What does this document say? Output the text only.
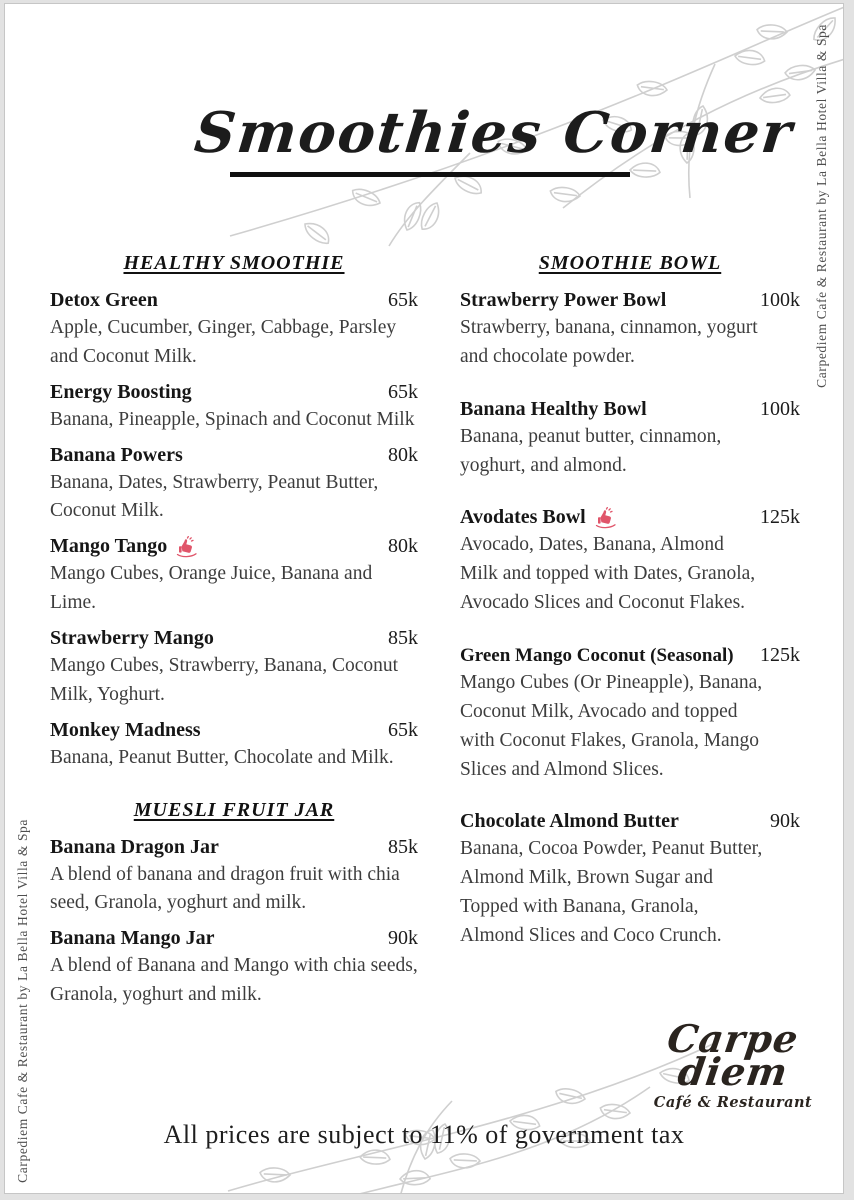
Smoothies Corner
HEALTHY SMOOTHIE
Detox Green	65k
Apple, Cucumber, Ginger, Cabbage, Parsley and Coconut Milk.
Energy Boosting	65k
Banana, Pineapple, Spinach and Coconut Milk
Banana Powers	80k
Banana, Dates, Strawberry, Peanut Butter, Coconut Milk.
Mango Tango	80k
Mango Cubes, Orange Juice, Banana and Lime.
Strawberry Mango	85k
Mango Cubes, Strawberry, Banana, Coconut Milk, Yoghurt.
Monkey Madness	65k
Banana, Peanut Butter, Chocolate and Milk.
MUESLI FRUIT JAR
Banana Dragon Jar	85k
A blend of banana and dragon fruit with chia seed, Granola, yoghurt and milk.
Banana Mango Jar	90k
A blend of Banana and Mango with chia seeds, Granola, yoghurt and milk.
SMOOTHIE BOWL
Strawberry Power Bowl	100k
Strawberry, banana, cinnamon, yogurt and chocolate powder.
Banana Healthy Bowl	100k
Banana, peanut butter, cinnamon, yoghurt, and almond.
Avodates Bowl	125k
Avocado, Dates, Banana, Almond Milk and topped with Dates, Granola, Avocado Slices and Coconut Flakes.
Green Mango Coconut (Seasonal) 125k
Mango Cubes (Or Pineapple), Banana, Coconut Milk, Avocado and topped with Coconut Flakes, Granola, Mango Slices and Almond Slices.
Chocolate Almond Butter	90k
Banana, Cocoa Powder, Peanut Butter, Almond Milk, Brown Sugar and Topped with Banana, Granola, Almond Slices and Coco Crunch.
Carpediem Cafe & Restaurant by La Bella Hotel Villa & Spa
Carpediem Cafe & Restaurant by La Bella Hotel Villa & Spa
Carpe
diem
Café & Restaurant
All prices are subject to 11% of government tax
